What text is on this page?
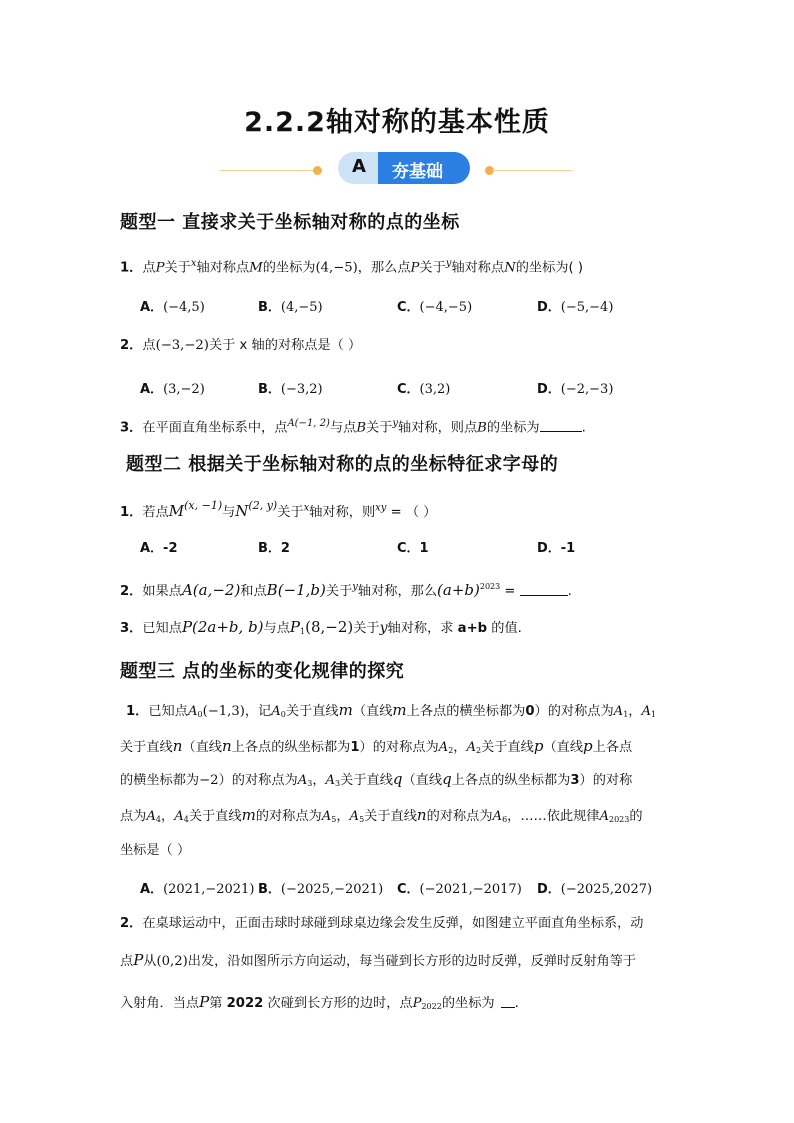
2.2.2轴对称的基本性质
A 夯基础
题型一 直接求关于坐标轴对称的点的坐标
1．点P关于$^x$轴对称点M的坐标为(4,−5)，那么点P关于$^y$轴对称点N的坐标为( )
A．(−4,5)	B．(4,−5)	C．(−4,−5)	D．(−5,−4)
2．点(−3,−2)关于 x 轴的对称点是（ ）
A．(3,−2)	B．(−3,2)	C．(3,2)	D．(−2,−3)
3．在平面直角坐标系中，点$^{A(-1, 2)}$与点B关于$^y$轴对称，则点B的坐标为	.
题型二 根据关于坐标轴对称的点的坐标特征求字母的
1．若点$M^{(x, -1)}$与N$^{(2, y)}$关于$^x$轴对称，则$^{xy}$ = （ ）
A．-2	B．2	C．1	D．-1
2．如果点A(a,−2)和点B(−1,b)关于$^y$轴对称，那么$(a+b)^{2023}$ =	.
3．已知点P(2a+b, b)与点$P_1(8,-2)$关于y轴对称，求 a+b 的值.
题型三 点的坐标的变化规律的探究
1．已知点$A_0(-1,3)$，记$A_0$关于直线m（直线m上各点的横坐标都为0）的对称点为$A_1$，$A_1$
关于直线n（直线n上各点的纵坐标都为1）的对称点为$A_2$，$A_2$关于直线p（直线p上各点
的横坐标都为−2）的对称点为$A_3$，$A_3$关于直线q（直线q上各点的纵坐标都为3）的对称
点为$A_4$，$A_4$关于直线m的对称点为$A_5$，$A_5$关于直线n的对称点为$A_6$，……依此规律$A_{2023}$的
坐标是（ ）
A．(2021,−2021) B．(−2025,−2021) C．(−2021,−2017) D．(−2025,2027)
2．在桌球运动中，正面击球时球碰到球桌边缘会发生反弹，如图建立平面直角坐标系，动
点P从(0,2)出发，沿如图所示方向运动，每当碰到长方形的边时反弹，反弹时反射角等于
入射角．当点P第 2022 次碰到长方形的边时，点$P_{2022}$的坐标为 .
